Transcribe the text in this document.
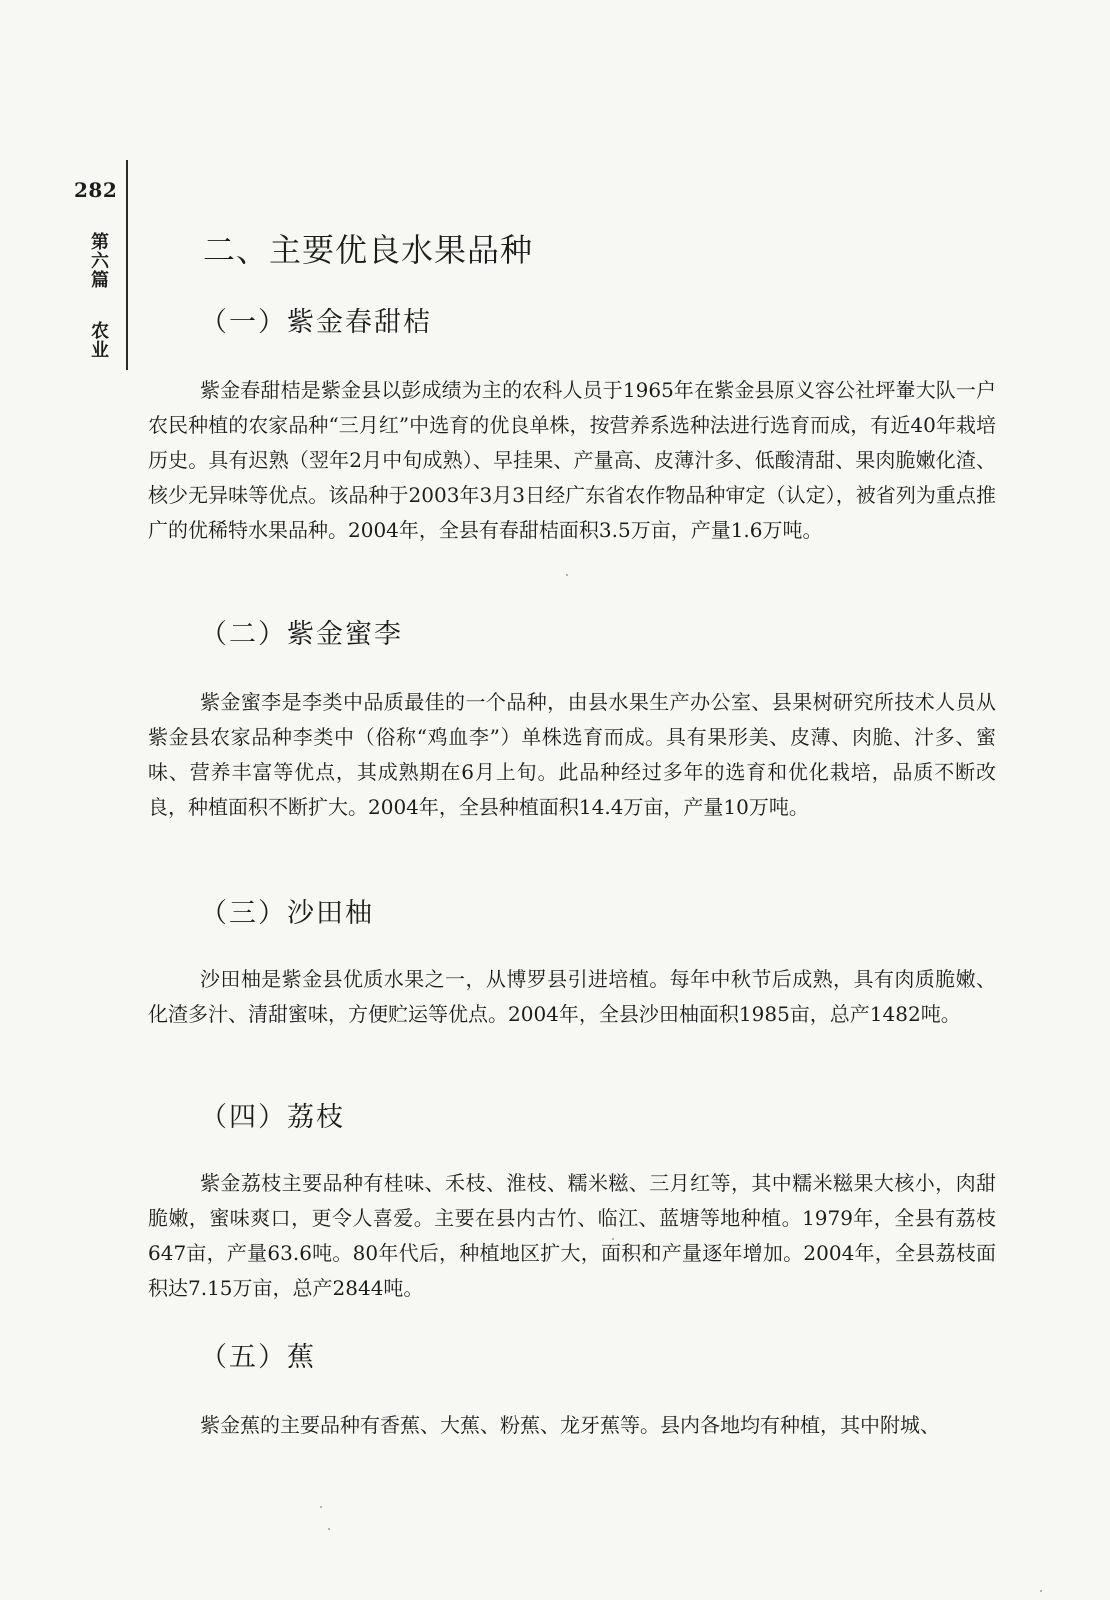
282
第六篇
农业
二、主要优良水果品种
（一）紫金春甜桔

紫金春甜桔是紫金县以彭成绩为主的农科人员于1965年在紫金县原义容公社坪輋大队一户农民种植的农家品种“三月红”中选育的优良单株，按营养系选种法进行选育而成，有近40年栽培历史。具有迟熟（翌年2月中旬成熟）、早挂果、产量高、皮薄汁多、低酸清甜、果肉脆嫩化渣、核少无异味等优点。该品种于2003年3月3日经广东省农作物品种审定（认定），被省列为重点推广的优稀特水果品种。2004年，全县有春甜桔面积3.5万亩，产量1.6万吨。

（二）紫金蜜李

紫金蜜李是李类中品质最佳的一个品种，由县水果生产办公室、县果树研究所技术人员从紫金县农家品种李类中（俗称“鸡血李”）单株选育而成。具有果形美、皮薄、肉脆、汁多、蜜味、营养丰富等优点，其成熟期在6月上旬。此品种经过多年的选育和优化栽培，品质不断改良，种植面积不断扩大。2004年，全县种植面积14.4万亩，产量10万吨。

（三）沙田柚

沙田柚是紫金县优质水果之一，从博罗县引进培植。每年中秋节后成熟，具有肉质脆嫩、化渣多汁、清甜蜜味，方便贮运等优点。2004年，全县沙田柚面积1985亩，总产1482吨。

（四）荔枝

紫金荔枝主要品种有桂味、禾枝、淮枝、糯米糍、三月红等，其中糯米糍果大核小，肉甜脆嫩，蜜味爽口，更令人喜爱。主要在县内古竹、临江、蓝塘等地种植。1979年，全县有荔枝647亩，产量63.6吨。80年代后，种植地区扩大，面积和产量逐年增加。2004年，全县荔枝面积达7.15万亩，总产2844吨。

（五）蕉

紫金蕉的主要品种有香蕉、大蕉、粉蕉、龙牙蕉等。县内各地均有种植，其中附城、
